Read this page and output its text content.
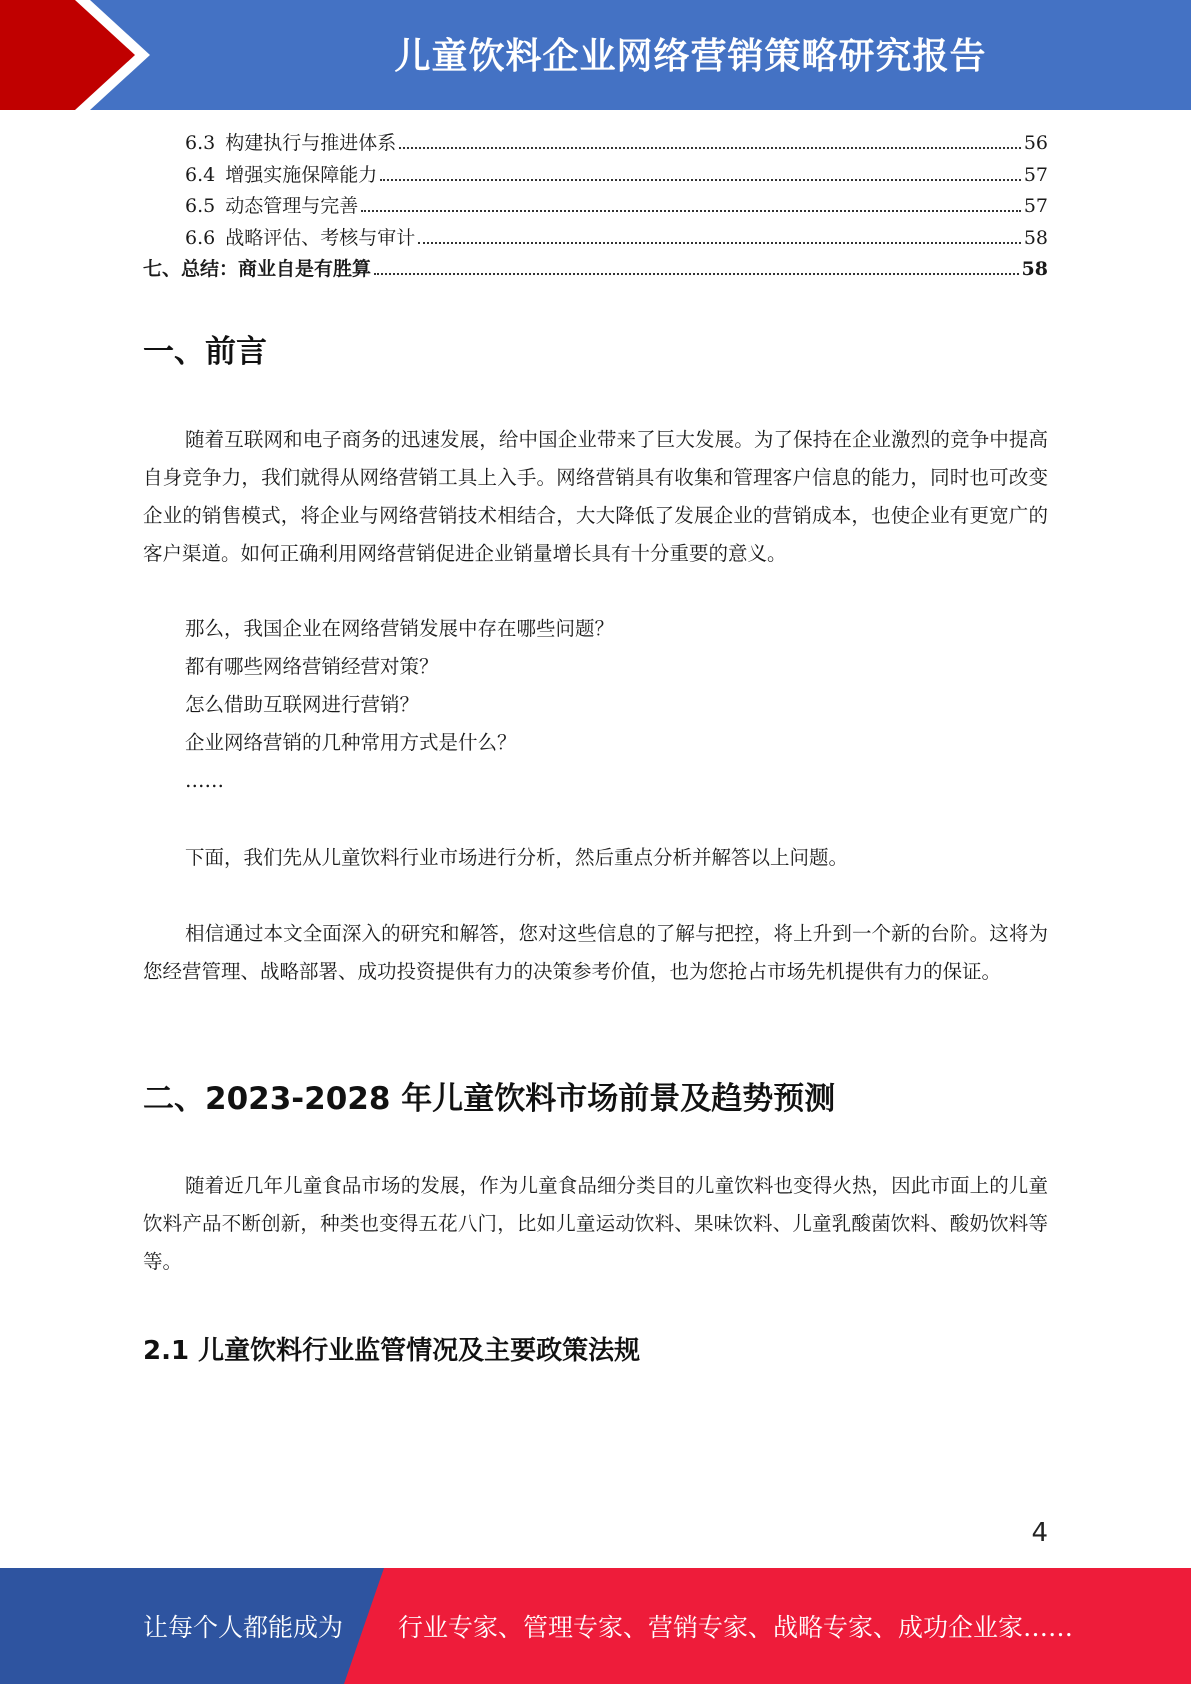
儿童饮料企业网络营销策略研究报告
6.3 构建执行与推进体系	56
6.4 增强实施保障能力	57
6.5 动态管理与完善	57
6.6 战略评估、考核与审计	58
七、总结：商业自是有胜算	58
一、前言

随着互联网和电子商务的迅速发展，给中国企业带来了巨大发展。为了保持在企业激烈的竞争中提高自身竞争力，我们就得从网络营销工具上入手。网络营销具有收集和管理客户信息的能力，同时也可改变企业的销售模式，将企业与网络营销技术相结合，大大降低了发展企业的营销成本，也使企业有更宽广的客户渠道。如何正确利用网络营销促进企业销量增长具有十分重要的意义。

那么，我国企业在网络营销发展中存在哪些问题？
都有哪些网络营销经营对策？
怎么借助互联网进行营销？
企业网络营销的几种常用方式是什么？
……

下面，我们先从儿童饮料行业市场进行分析，然后重点分析并解答以上问题。

相信通过本文全面深入的研究和解答，您对这些信息的了解与把控，将上升到一个新的台阶。这将为您经营管理、战略部署、成功投资提供有力的决策参考价值，也为您抢占市场先机提供有力的保证。

二、2023-2028 年儿童饮料市场前景及趋势预测

随着近几年儿童食品市场的发展，作为儿童食品细分类目的儿童饮料也变得火热，因此市面上的儿童饮料产品不断创新，种类也变得五花八门，比如儿童运动饮料、果味饮料、儿童乳酸菌饮料、酸奶饮料等等。

2.1 儿童饮料行业监管情况及主要政策法规
4
让每个人都能成为 行业专家、管理专家、营销专家、战略专家、成功企业家……
